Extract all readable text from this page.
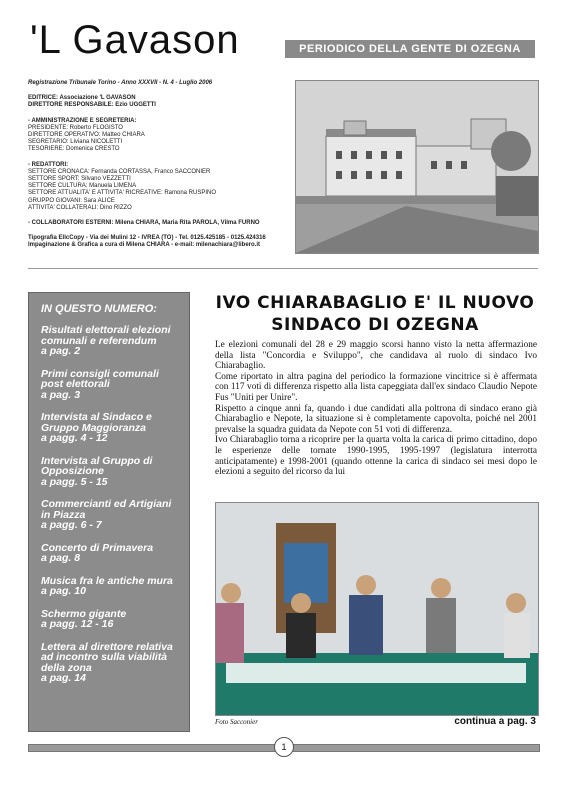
'L Gavason	PERIODICO DELLA GENTE DI OZEGNA
Registrazione Tribunale Torino - Anno XXXVII - N. 4 - Luglio 2006
EDITRICE: Associazione 'L GAVASON
DIRETTORE RESPONSABILE: Ezio UGGETTI
- AMMINISTRAZIONE E SEGRETERIA:
PRESIDENTE: Roberto FLOGISTO
DIRETTORE OPERATIVO: Matteo CHIARA
SEGRETARIO: Liviana NICOLETTI
TESORIERE: Domenica CRESTO
- REDATTORI:
SETTORE CRONACA: Fernanda CORTASSA, Franco SACCONIER
SETTORE SPORT: Silvano VEZZETTI
SETTORE CULTURA: Manuela LIMENA
SETTORE ATTUALITA' E ATTIVITA' RICREATIVE: Ramona RUSPINO
GRUPPO GIOVANI: Sara ALICE
ATTIVITA' COLLATERALI: Dino RIZZO
- COLLABORATORI ESTERNI: Milena CHIARA, Maria Rita PAROLA, Vilma FURNO
Tipografia EllcCopy - Via dei Mulini 12 - IVREA (TO) - Tel. 0125.425185 - 0125.424316
Impaginazione & Grafica a cura di Milena CHIARA - e-mail: milenachiara@libero.it
IN QUESTO NUMERO:
Risultati elettorali elezioni comunali e referendum
a pag. 2
Primi consigli comunali post elettorali
a pag. 3
Intervista al Sindaco e Gruppo Maggioranza
a pagg. 4 - 12
Intervista al Gruppo di Opposizione
a pagg. 5 - 15
Commercianti ed Artigiani in Piazza
a pagg. 6 - 7
Concerto di Primavera
a pag. 8
Musica fra le antiche mura
a pag. 10
Schermo gigante
a pagg. 12 - 16
Lettera al direttore relativa ad incontro sulla viabilità della zona
a pag. 14
IVO CHIARABAGLIO E' IL NUOVO
SINDACO DI OZEGNA

Le elezioni comunali del 28 e 29 maggio scorsi hanno visto la netta affermazione della lista "Concordia e Sviluppo", che candidava al ruolo di sindaco Ivo Chiarabaglio.

Come riportato in altra pagina del periodico la formazione vincitrice si è affermata con 117 voti di differenza rispetto alla lista capeggiata dall'ex sindaco Claudio Nepote Fus "Uniti per Unire".

Rispetto a cinque anni fa, quando i due candidati alla poltrona di sindaco erano già Chiarabaglio e Nepote, la situazione si è completamente capovolta, poiché nel 2001 prevalse la squadra guidata da Nepote con 51 voti di differenza.

Ivo Chiarabaglio torna a ricoprire per la quarta volta la carica di primo cittadino, dopo le esperienze delle tornate 1990-1995, 1995-1997 (legislatura interrotta anticipatamente) e 1998-2001 (quando ottenne la carica di sindaco sei mesi dopo le elezioni a seguito del ricorso da lui

Foto Sacconier	continua a pag. 3
1
